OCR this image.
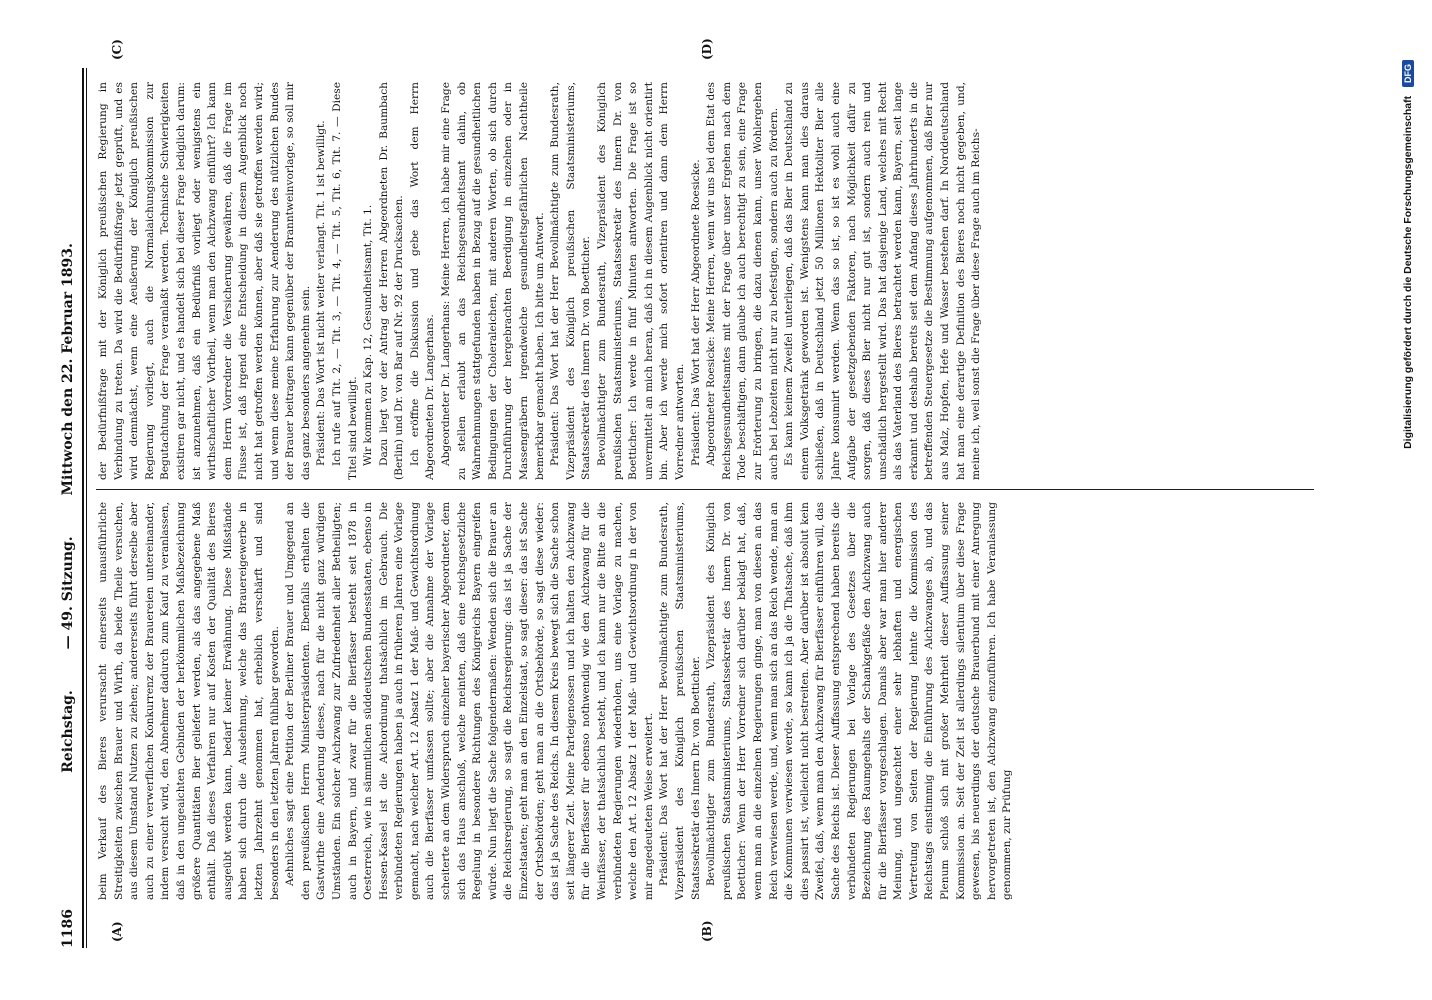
1186
Reichstag. — 49. Sitzung. Mittwoch den 22. Februar 1893.
(A)	(B)
(C)	(D)

beim Verkauf des Bieres verursacht einerseits unausführliche Streitigkeiten zwischen Brauer und Wirth, da beide Theile versuchen, aus diesem Umstand Nutzen zu ziehen; andererseits führt derselbe aber auch zu einer verwerflichen Konkurrenz der Brauereien untereinander, indem versucht wird, den Abnehmer dadurch zum Kauf zu veranlassen, daß in den ungeaichten Gebinden der herkömmlichen Maßbezeichnung größere Quantitäten Bier geliefert werden, als das angegebene Maß enthält. Daß dieses Verfahren nur auf Kosten der Qualität des Bieres ausgeübt werden kann, bedarf keiner Erwähnung. Diese Mißstände haben sich durch die Ausdehnung, welche das Brauereigewerbe in letzten Jahrzehnt genommen hat, erheblich verschärft und sind besonders in den letzten Jahren fühlbar geworden. Aehnliches sagt eine Petition der Berliner Brauer und Umgegend an den preußischen Herrn Ministerpräsidenten. Ebenfalls erhalten die Gastwirthe eine Aenderung dieses, nach für die nicht ganz würdigen Umständen. Ein solcher Aichzwang zur Zufriedenheit aller Betheiligten; auch in Bayern, und zwar für die Bierfässer besteht seit 1878 in Oesterreich, wie in sämmtlichen süddeutschen Bundesstaaten, ebenso in Hessen-Kassel ist die Aichordnung thatsächlich im Gebrauch. Die verbündeten Regierungen haben ja auch in früheren Jahren eine Vorlage gemacht, nach welcher Art. 12 Absatz 1 der Maß- und Gewichtsordnung auch die Bierfässer umfassen sollte; aber die Annahme der Vorlage scheiterte an dem Widerspruch einzelner bayerischer Abgeordneter, dem sich das Haus anschloß, welche meinten, daß eine reichsgesetzliche Regelung in besondere Richtungen des Königreichs Bayern eingreifen würde. Nun liegt die Sache folgendermaßen: Wenden sich die Brauer an die Reichsregierung, so sagt die Reichsregierung: das ist ja Sache der Einzelstaaten; geht man an den Einzelstaat, so sagt dieser: das ist Sache der Ortsbehörden; geht man an die Ortsbehörde, so sagt diese wieder: das ist ja Sache des Reichs. In diesem Kreis bewegt sich die Sache schon seit längerer Zeit. Meine Parteigenossen und ich halten den Aichzwang für die Bierfässer für ebenso nothwendig wie den Aichzwang für die Weinfässer, der thatsächlich besteht, und ich kann nur die Bitte an die verbündeten Regierungen wiederholen, uns eine Vorlage zu machen, welche den Art. 12 Absatz 1 der Maß- und Gewichtsordnung in der von mir angedeuteten Weise erweitert. Präsident: Das Wort hat der Herr Bevollmächtigte zum Bundesrath, Vizepräsident des Königlich preußischen Staatsministeriums, Staatssekretär des Innern Dr. von Boetticher. Bevollmächtigter zum Bundesrath, Vizepräsident des Königlich preußischen Staatsministeriums, Staatssekretär des Innern Dr. von Boetticher: Wenn der Herr Vorredner sich darüber beklagt hat, daß, wenn man an die einzelnen Regierungen ginge, man von diesen an das Reich verwiesen werde, und, wenn man sich an das Reich wende, man an die Kommunen verwiesen werde, so kann ich ja die Thatsache, daß ihm dies passirt ist, vielleicht nicht bestreiten. Aber darüber ist absolut kein Zweifel, daß, wenn man den Aichzwang für Bierfässer einführen will, das Sache des Reichs ist. Dieser Auffassung entsprechend haben bereits die verbündeten Regierungen bei Vorlage des Gesetzes über die Bezeichnung des Raumgehalts der Schankgefäße den Aichzwang auch für die Bierfässer vorgeschlagen. Damals aber war man hier anderer Meinung, und ungeachtet einer sehr lebhaften und energischen Vertretung von Seiten der Regierung lehnte die Kommission des Reichstags einstimmig die Einführung des Aichzwanges ab, und das Plenum schloß sich mit großer Mehrheit dieser Auffassung seiner Kommission an. Seit der Zeit ist allerdings silentium über diese Frage gewesen, bis neuerdings der deutsche Brauerbund mit einer Anregung hervorgetreten ist, den Aichzwang einzuführen. Ich habe Veranlassung genommen, zur Prüfung

der Bedürfnißfrage mit der Königlich preußischen Regierung in Verbindung zu treten. Da wird die Bedürfnißfrage jetzt geprüft, und es wird demnächst, wenn eine Aeußerung der Königlich preußischen Regierung vorliegt, auch die Normalaichungskommission zur Begutachtung der Frage veranlaßt werden. Technische Schwierigkeiten existiren gar nicht, und es handelt sich bei dieser Frage lediglich darum: ist anzunehmen, daß ein Bedürfniß vorliegt oder wenigstens ein wirthschaftlicher Vortheil, wenn man den Aichzwang einführt? Ich kann dem Herrn Vorredner die Versicherung gewähren, daß die Frage im Flusse ist, daß irgend eine Entscheidung in diesem Augenblick noch nicht hat getroffen werden können, aber daß sie getroffen werden wird; und wenn diese meine Erfahrung zur Aenderung des nützlichen Bundes der Brauer beitragen kann gegenüber der Branntweinvorlage, so soll mir das ganz besonders angenehm sein. Präsident: Das Wort ist nicht weiter verlangt. Tit. 1 ist bewilligt. Ich rufe auf Tit. 2, — Tit. 3, — Tit. 4, — Tit. 5, Tit. 6, Tit. 7. — Diese Titel sind bewilligt. Wir kommen zu Kap. 12, Gesundheitsamt, Tit. 1. Dazu liegt vor der Antrag der Herren Abgeordneten Dr. Baumbach (Berlin) und Dr. von Bar auf Nr. 92 der Drucksachen. Ich eröffne die Diskussion und gebe das Wort dem Herrn Abgeordneten Dr. Langerhans. Abgeordneter Dr. Langerhans: Meine Herren, ich habe mir eine Frage zu stellen erlaubt an das Reichsgesundheitsamt dahin, ob Wahrnehmungen stattgefunden haben in Bezug auf die gesundheitlichen Bedingungen der Choleraleichen, mit anderen Worten, ob sich durch Durchführung der hergebrachten Beerdigung in einzelnen oder in Massengräbern irgendwelche gesundheitsgefährlichen Nachtheile bemerkbar gemacht haben. Ich bitte um Antwort. Präsident: Das Wort hat der Herr Bevollmächtigte zum Bundesrath, Vizepräsident des Königlich preußischen Staatsministeriums, Staatssekretär des Innern Dr. von Boetticher. Bevollmächtigter zum Bundesrath, Vizepräsident des Königlich preußischen Staatsministeriums, Staatssekretär des Innern Dr. von Boetticher: Ich werde in fünf Minuten antworten. Die Frage ist so unvermittelt an mich heran, daß ich in diesem Augenblick nicht orientirt bin. Aber ich werde mich sofort orientiren und dann dem Herrn Vorredner antworten. Präsident: Das Wort hat der Herr Abgeordnete Roesicke. Abgeordneter Roesicke: Meine Herren, wenn wir uns bei dem Etat des Reichsgesundheitsamtes mit der Frage über unser Ergehen nach dem Tode beschäftigen, dann glaube ich auch berechtigt zu sein, eine Frage zur Erörterung zu bringen, die dazu dienen kann, unser Wohlergehen auch bei Lebzeiten nicht nur zu befestigen, sondern auch zu fördern. Es kann keinem Zweifel unterliegen, daß das Bier in Deutschland zu einem Volksgetränk geworden ist. Wenigstens kann man dies daraus schließen, daß in Deutschland jetzt 50 Millionen Hektoliter Bier alle Jahre konsumirt werden. Wenn das so ist, so ist es wohl auch eine Aufgabe der gesetzgebenden Faktoren, nach Möglichkeit dafür zu sorgen, daß dieses Bier nicht nur gut ist, sondern auch rein und unschädlich hergestellt wird. Das hat dasjenige Land, welches mit Recht als das Vaterland des Bieres betrachtet werden kann, Bayern, seit lange erkannt und deshalb bereits seit dem Anfang dieses Jahrhunderts in die betreffenden Steuergesetze die Bestimmung aufgenommen, daß Bier nur aus Malz, Hopfen, Hefe und Wasser bestehen darf. In Norddeutschland hat man eine derartige Definition des Bieres noch nicht gegeben, und, meine ich, weil sonst die Frage über diese Frage auch im Reichs-	Digitalisierung gefördert durch die Deutsche Forschungsgemeinschaft DFG
